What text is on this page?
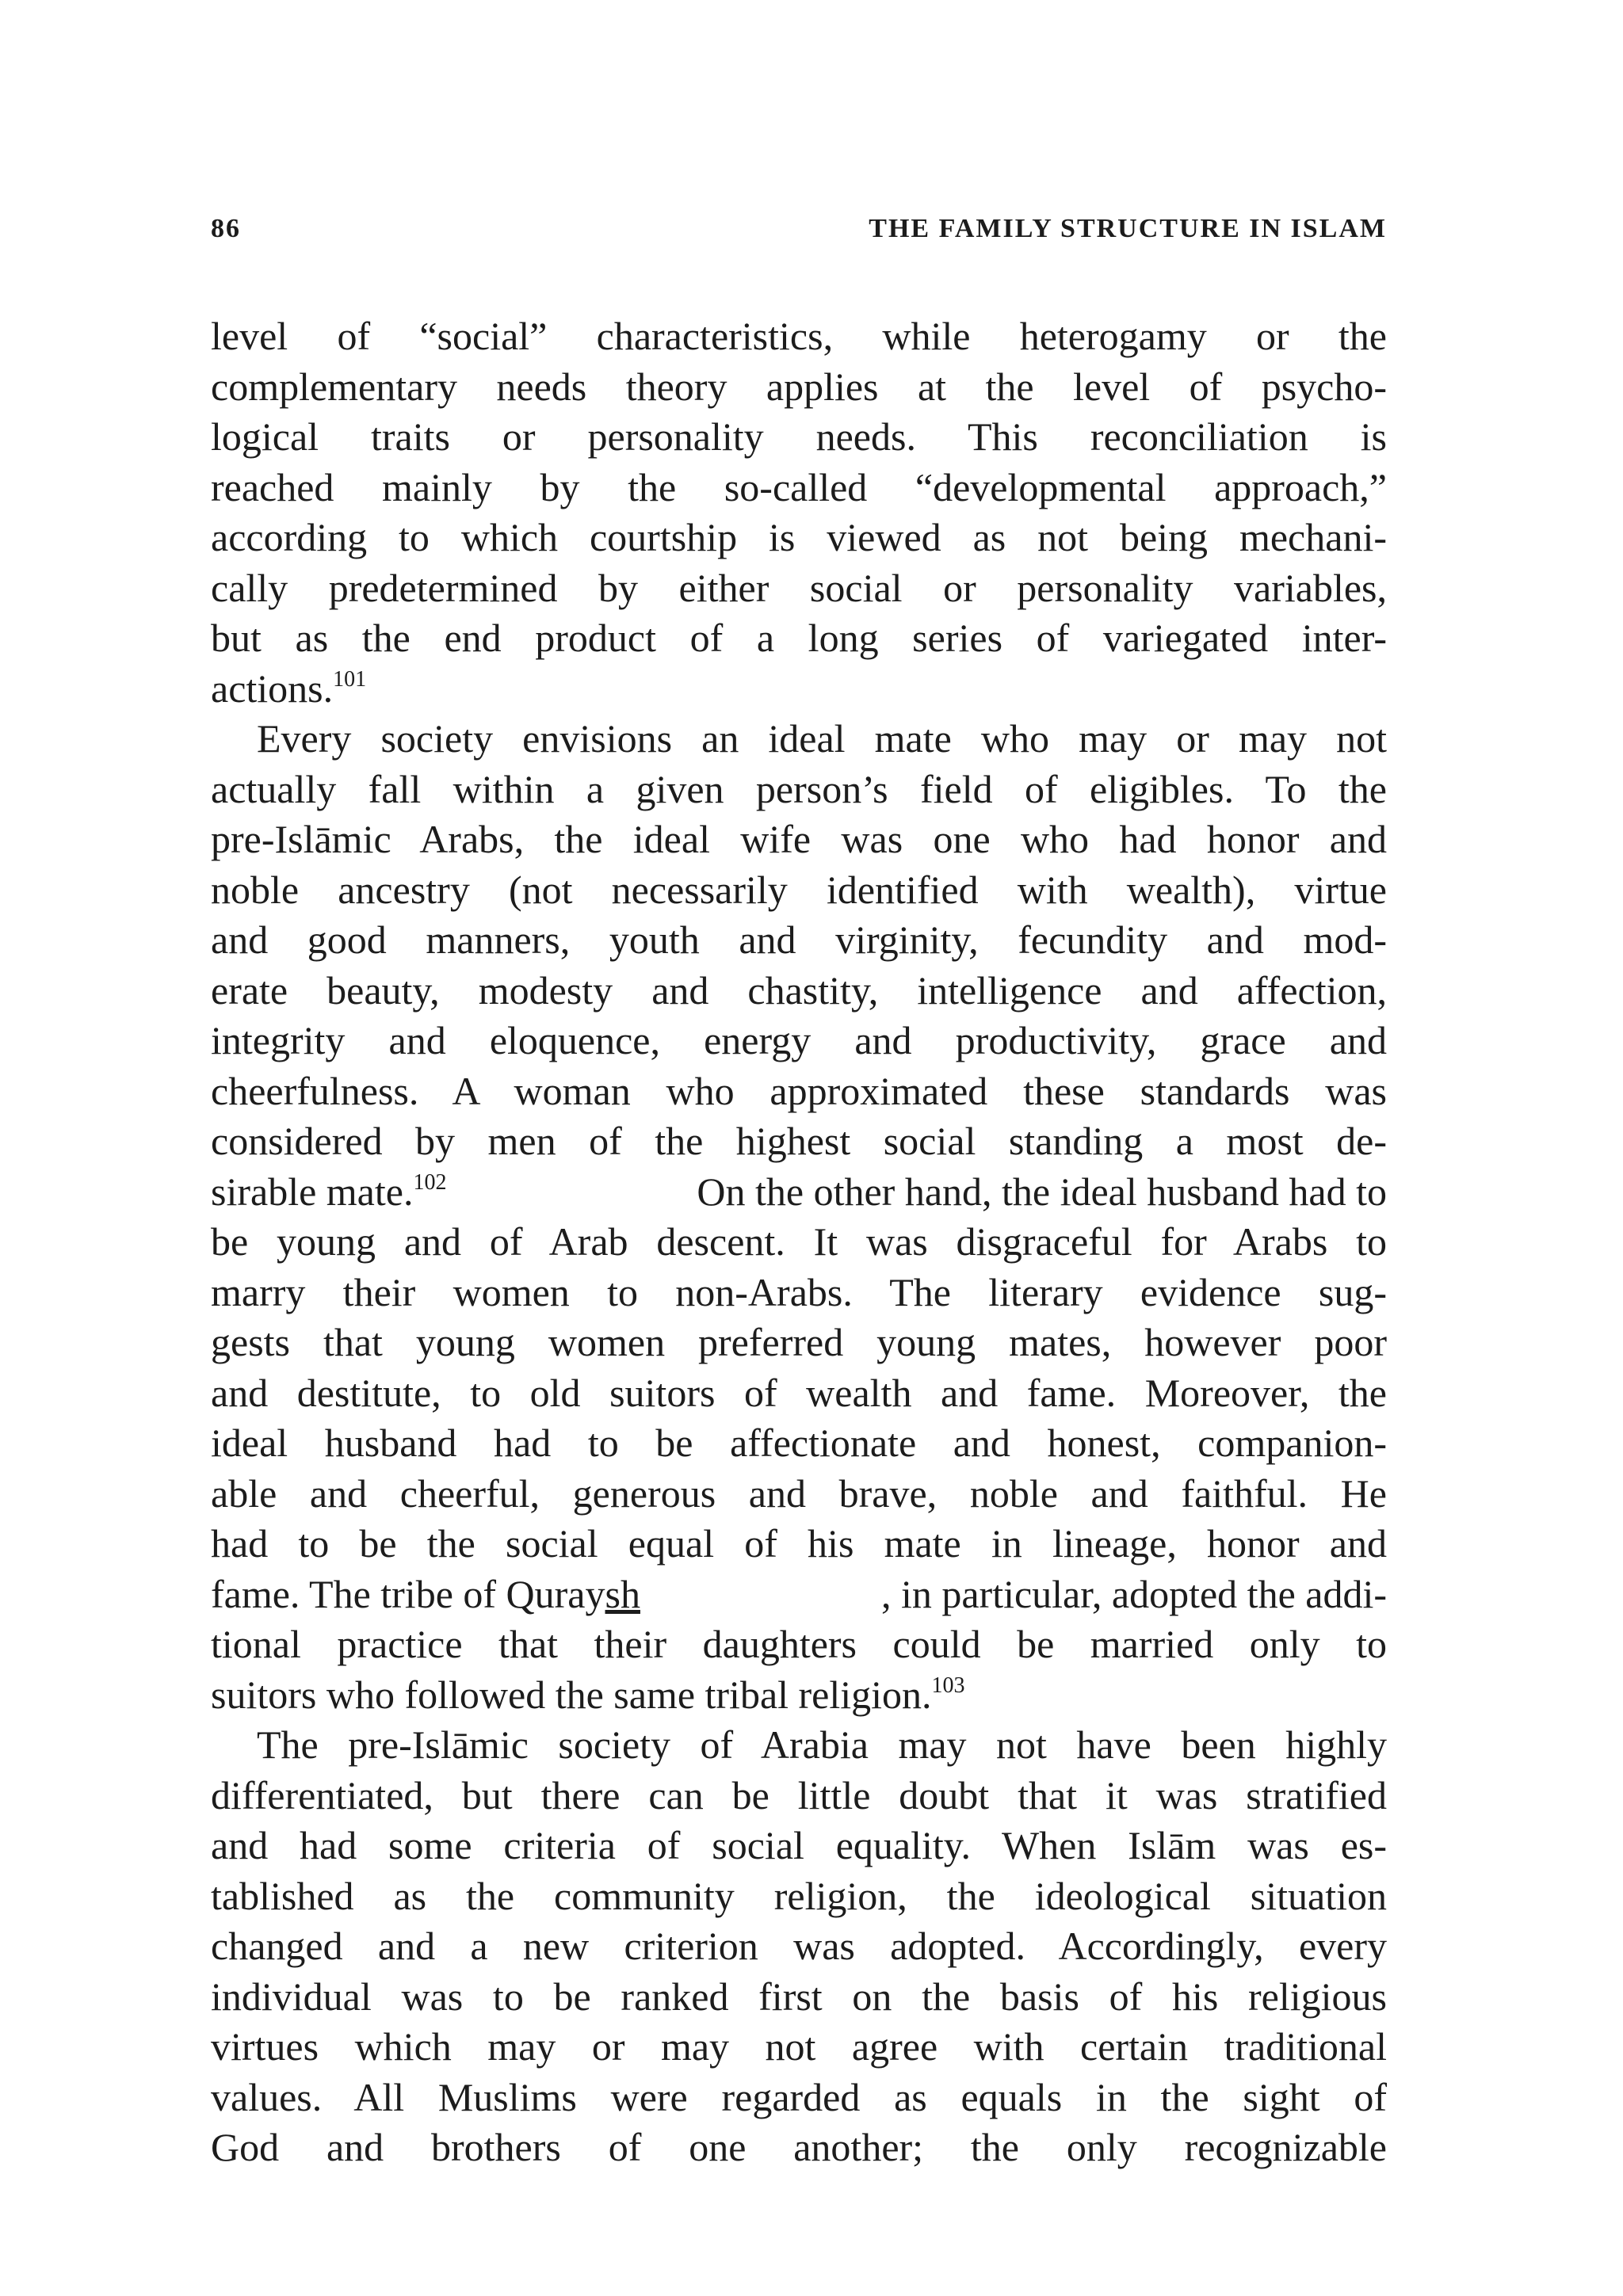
86	THE FAMILY STRUCTURE IN ISLAM
level of “social” characteristics, while heterogamy or the
complementary needs theory applies at the level of psycho-
logical traits or personality needs. This reconciliation is
reached mainly by the so-called “developmental approach,”
according to which courtship is viewed as not being mechani-
cally predetermined by either social or personality variables,
but as the end product of a long series of variegated inter-
actions.$^{101}$
Every society envisions an ideal mate who may or may not
actually fall within a given person’s field of eligibles. To the
pre-Islāmic Arabs, the ideal wife was one who had honor and
noble ancestry (not necessarily identified with wealth), virtue
and good manners, youth and virginity, fecundity and mod-
erate beauty, modesty and chastity, intelligence and affection,
integrity and eloquence, energy and productivity, grace and
cheerfulness. A woman who approximated these standards was
considered by men of the highest social standing a most de-
sirable mate.$^{102}$	On the other hand, the ideal husband had to
be young and of Arab descent. It was disgraceful for Arabs to
marry their women to non-Arabs. The literary evidence sug-
gests that young women preferred young mates, however poor
and destitute, to old suitors of wealth and fame. Moreover, the
ideal husband had to be affectionate and honest, companion-
able and cheerful, generous and brave, noble and faithful. He
had to be the social equal of his mate in lineage, honor and
fame. The tribe of Quraysh	, in particular, adopted the addi-
tional practice that their daughters could be married only to
suitors who followed the same tribal religion.$^{103}$
The pre-Islāmic society of Arabia may not have been highly
differentiated, but there can be little doubt that it was stratified
and had some criteria of social equality. When Islām was es-
tablished as the community religion, the ideological situation
changed and a new criterion was adopted. Accordingly, every
individual was to be ranked first on the basis of his religious
virtues which may or may not agree with certain traditional
values. All Muslims were regarded as equals in the sight of
God and brothers of one another; the only recognizable
